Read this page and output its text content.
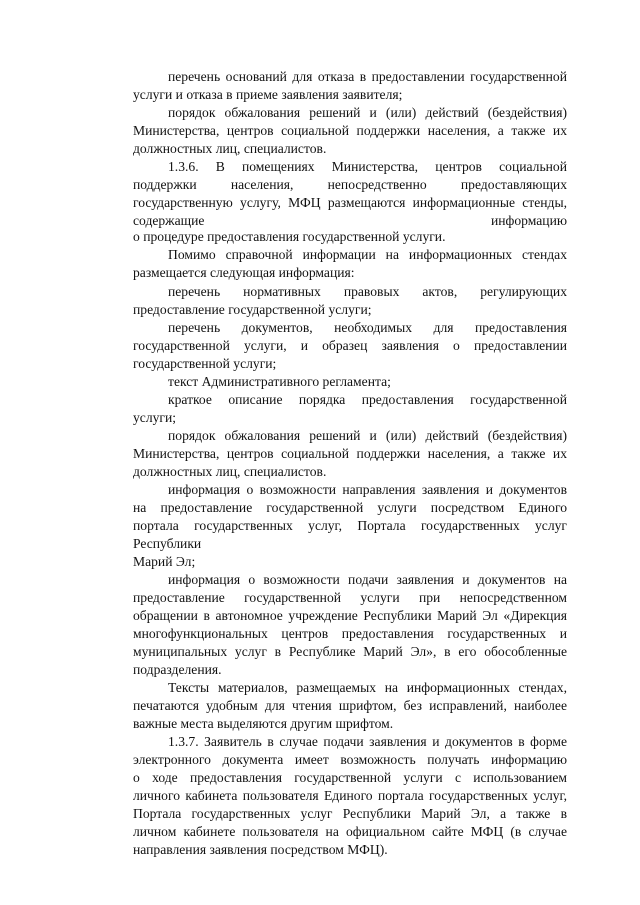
перечень оснований для отказа в предоставлении государственной
услуги и отказа в приеме заявления заявителя;
порядок обжалования решений и (или) действий (бездействия)
Министерства, центров социальной поддержки населения, а также их
должностных лиц, специалистов.
1.3.6. В помещениях Министерства, центров социальной
поддержки населения, непосредственно предоставляющих
государственную услугу, МФЦ размещаются информационные стенды,
содержащие информацию
о процедуре предоставления государственной услуги.
Помимо справочной информации на информационных стендах
размещается следующая информация:
перечень нормативных правовых актов, регулирующих
предоставление государственной услуги;
перечень документов, необходимых для предоставления
государственной услуги, и образец заявления о предоставлении
государственной услуги;
текст Административного регламента;
краткое описание порядка предоставления государственной
услуги;
порядок обжалования решений и (или) действий (бездействия)
Министерства, центров социальной поддержки населения, а также их
должностных лиц, специалистов.
информация о возможности направления заявления и документов
на предоставление государственной услуги посредством Единого
портала государственных услуг, Портала государственных услуг
Республики
Марий Эл;
информация о возможности подачи заявления и документов на
предоставление государственной услуги при непосредственном
обращении в автономное учреждение Республики Марий Эл «Дирекция
многофункциональных центров предоставления государственных и
муниципальных услуг в Республике Марий Эл», в его обособленные
подразделения.
Тексты материалов, размещаемых на информационных стендах,
печатаются удобным для чтения шрифтом, без исправлений, наиболее
важные места выделяются другим шрифтом.
1.3.7. Заявитель в случае подачи заявления и документов в форме
электронного документа имеет возможность получать информацию
о ходе предоставления государственной услуги с использованием
личного кабинета пользователя Единого портала государственных услуг,
Портала государственных услуг Республики Марий Эл, а также в
личном кабинете пользователя на официальном сайте МФЦ (в случае
направления заявления посредством МФЦ).
